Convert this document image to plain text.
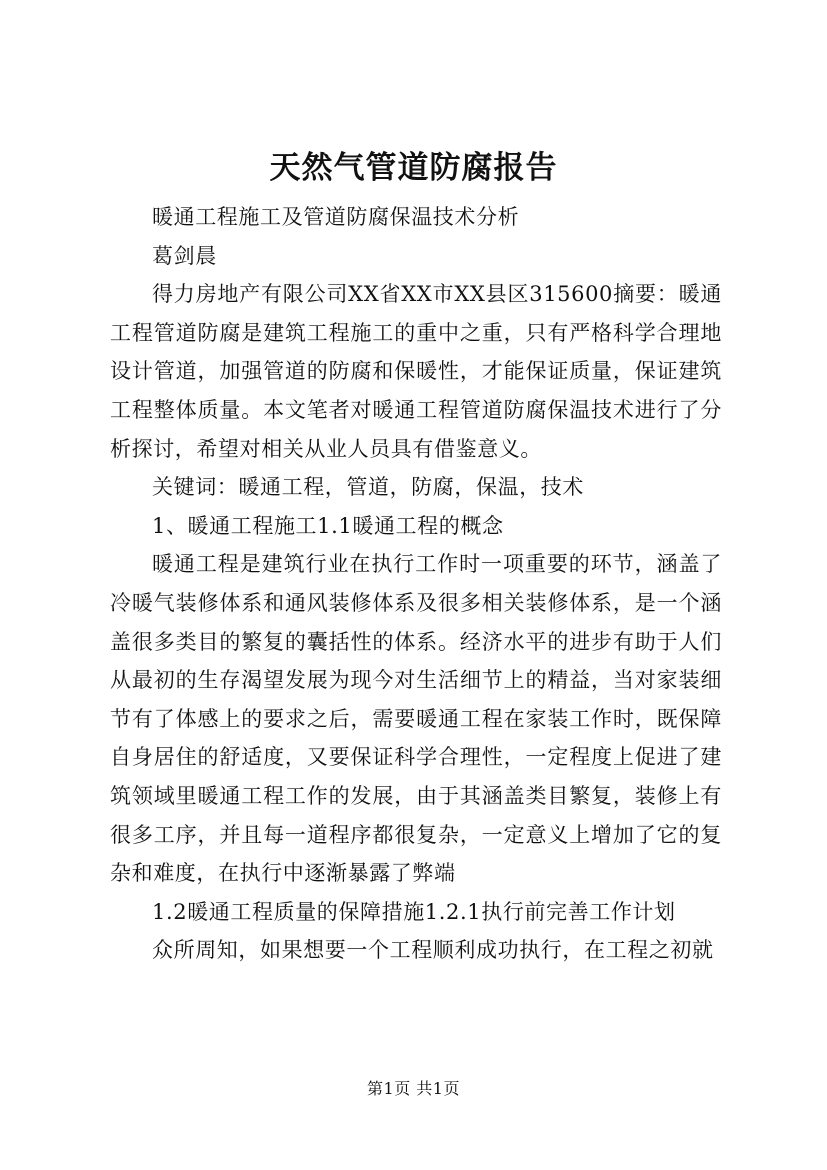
天然气管道防腐报告

暖通工程施工及管道防腐保温技术分析

葛剑晨

得力房地产有限公司XX省XX市XX县区315600摘要：暖通工程管道防腐是建筑工程施工的重中之重，只有严格科学合理地设计管道，加强管道的防腐和保暖性，才能保证质量，保证建筑工程整体质量。本文笔者对暖通工程管道防腐保温技术进行了分析探讨，希望对相关从业人员具有借鉴意义。

关键词：暖通工程，管道，防腐，保温，技术

1、暖通工程施工1.1暖通工程的概念

暖通工程是建筑行业在执行工作时一项重要的环节，涵盖了冷暖气装修体系和通风装修体系及很多相关装修体系，是一个涵盖很多类目的繁复的囊括性的体系。经济水平的进步有助于人们从最初的生存渴望发展为现今对生活细节上的精益，当对家装细节有了体感上的要求之后，需要暖通工程在家装工作时，既保障自身居住的舒适度，又要保证科学合理性，一定程度上促进了建筑领域里暖通工程工作的发展，由于其涵盖类目繁复，装修上有很多工序，并且每一道程序都很复杂，一定意义上增加了它的复杂和难度，在执行中逐渐暴露了弊端

1.2暖通工程质量的保障措施1.2.1执行前完善工作计划

众所周知，如果想要一个工程顺利成功执行，在工程之初就

第1页 共1页
